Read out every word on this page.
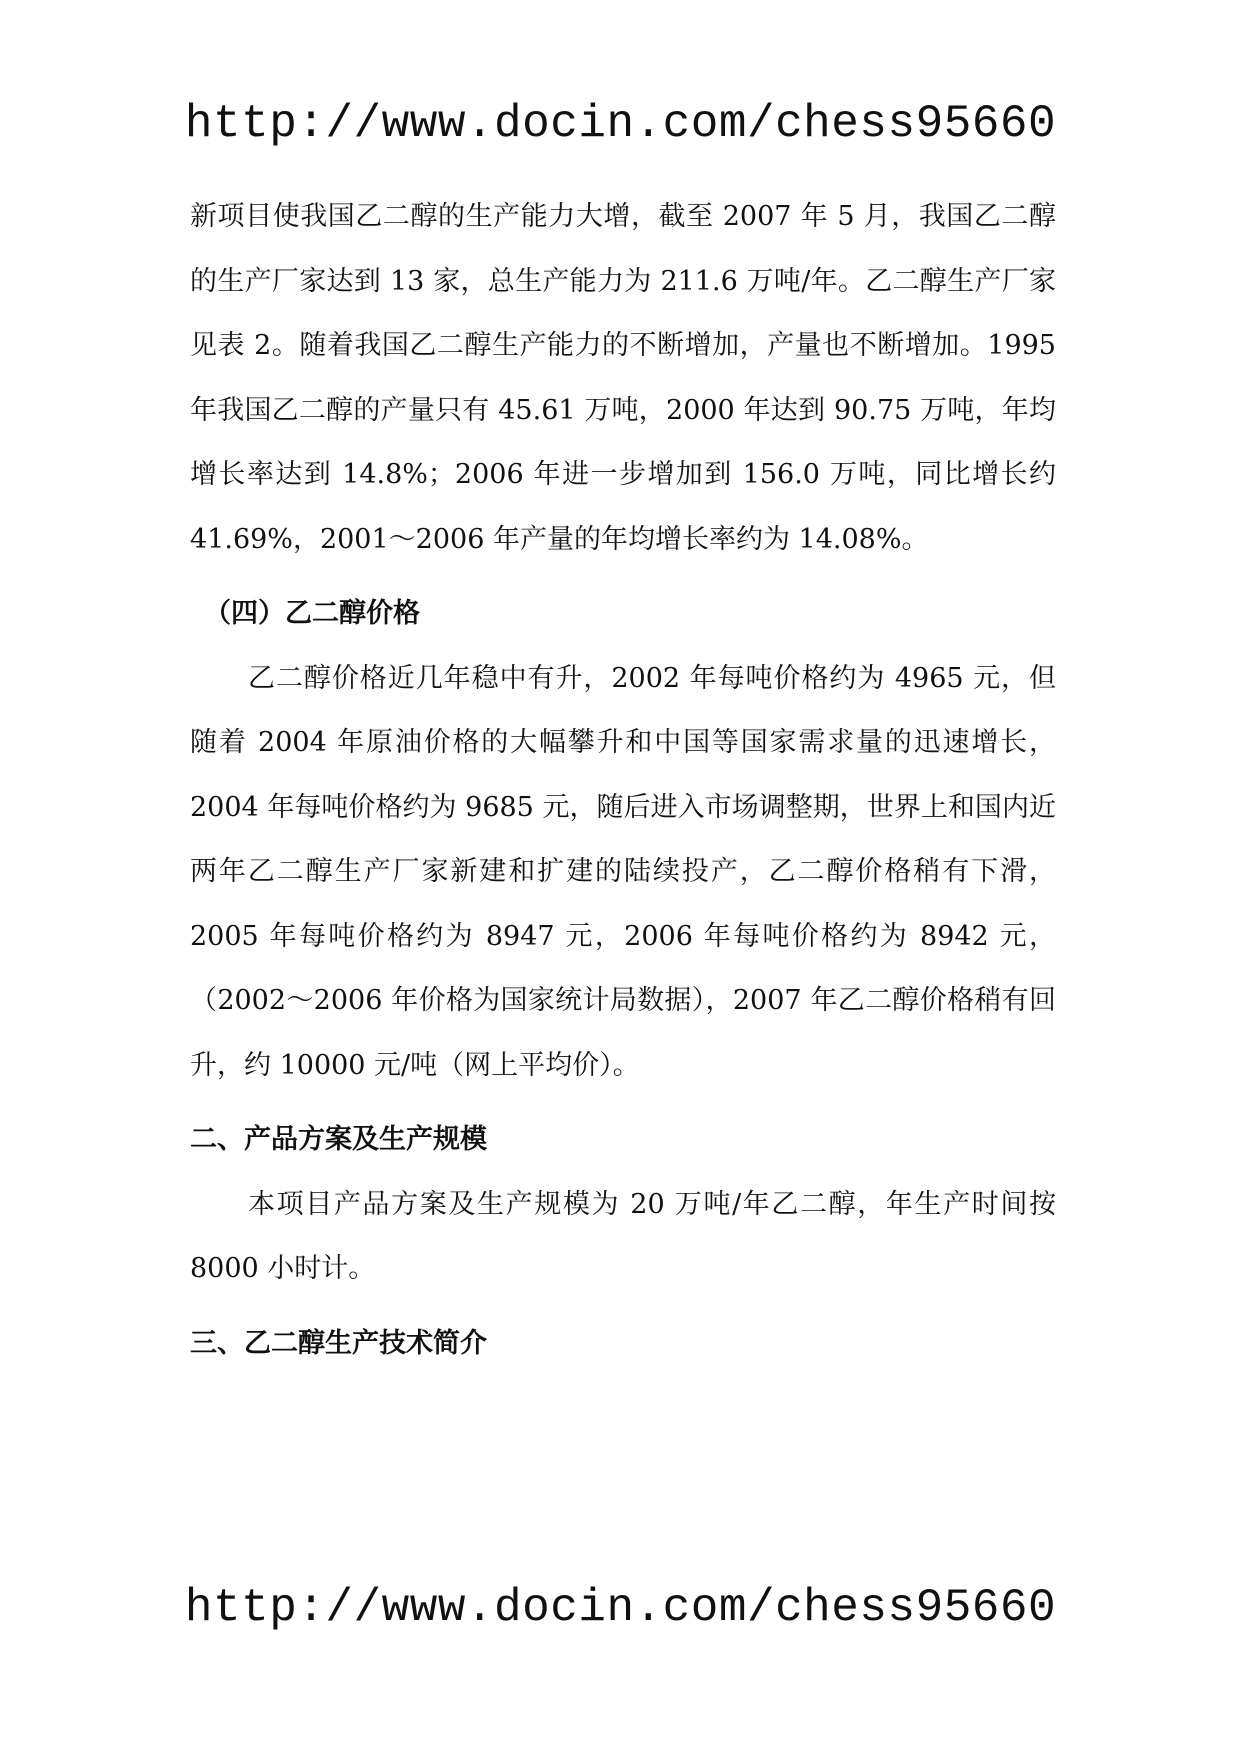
http://www.docin.com/chess95660

新项目使我国乙二醇的生产能力大增，截至 2007 年 5 月，我国乙二醇的生产厂家达到 13 家，总生产能力为 211.6 万吨/年。乙二醇生产厂家见表 2。随着我国乙二醇生产能力的不断增加，产量也不断增加。1995 年我国乙二醇的产量只有 45.61 万吨，2000 年达到 90.75 万吨，年均增长率达到 14.8%；2006 年进一步增加到 156.0 万吨，同比增长约 41.69%，2001～2006 年产量的年均增长率约为 14.08%。

（四）乙二醇价格

乙二醇价格近几年稳中有升，2002 年每吨价格约为 4965 元，但随着 2004 年原油价格的大幅攀升和中国等国家需求量的迅速增长，2004 年每吨价格约为 9685 元，随后进入市场调整期，世界上和国内近两年乙二醇生产厂家新建和扩建的陆续投产，乙二醇价格稍有下滑，2005 年每吨价格约为 8947 元，2006 年每吨价格约为 8942 元，（2002～2006 年价格为国家统计局数据），2007 年乙二醇价格稍有回升，约 10000 元/吨（网上平均价）。

二、产品方案及生产规模

本项目产品方案及生产规模为 20 万吨/年乙二醇，年生产时间按 8000 小时计。

三、乙二醇生产技术简介

http://www.docin.com/chess95660
